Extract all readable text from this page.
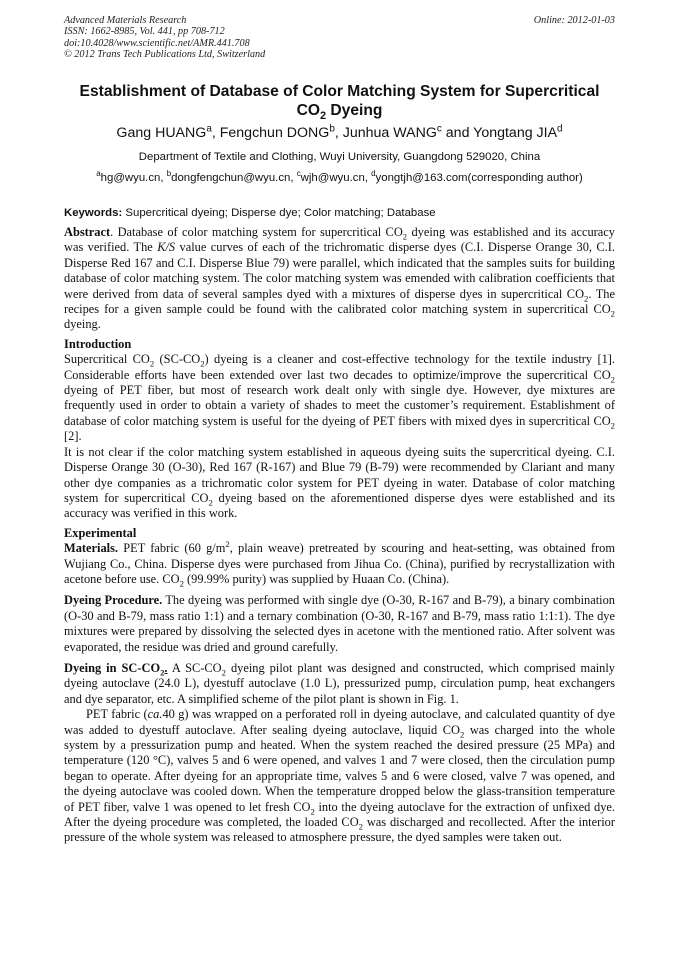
Advanced Materials Research
ISSN: 1662-8985, Vol. 441, pp 708-712
doi:10.4028/www.scientific.net/AMR.441.708
© 2012 Trans Tech Publications Ltd, Switzerland
Online: 2012-01-03
Establishment of Database of Color Matching System for Supercritical
$CO_2$ Dyeing
Gang HUANG$^a$, Fengchun DONG$^b$, Junhua WANG$^c$ and Yongtang JIA$^d$
Department of Textile and Clothing, Wuyi University, Guangdong 529020, China
$^a$hg@wyu.cn, $^b$dongfengchun@wyu.cn, $^c$wjh@wyu.cn, $^d$yongtjh@163.com(corresponding author)
Keywords: Supercritical dyeing; Disperse dye; Color matching; Database

Abstract. Database of color matching system for supercritical $CO_2$ dyeing was established and its accuracy was verified. The K/S value curves of each of the trichromatic disperse dyes (C.I. Disperse Orange 30, C.I. Disperse Red 167 and C.I. Disperse Blue 79) were parallel, which indicated that the samples suits for building database of color matching system. The color matching system was emended with calibration coefficients that were derived from data of several samples dyed with a mixtures of disperse dyes in supercritical $CO_2$. The recipes for a given sample could be found with the calibrated color matching system in supercritical $CO_2$ dyeing.

Introduction

Supercritical $CO_2$ $(SC-CO_2)$ dyeing is a cleaner and cost-effective technology for the textile industry [1]. Considerable efforts have been extended over last two decades to optimize/improve the supercritical $CO_2$ dyeing of PET fiber, but most of research work dealt only with single dye. However, dye mixtures are frequently used in order to obtain a variety of shades to meet the customer’s requirement. Establishment of database of color matching system is useful for the dyeing of PET fibers with mixed dyes in supercritical $CO_2$ [2].

It is not clear if the color matching system established in aqueous dyeing suits the supercritical dyeing. C.I. Disperse Orange 30 (O-30), Red 167 (R-167) and Blue 79 (B-79) were recommended by Clariant and many other dye companies as a trichromatic color system for PET dyeing in water. Database of color matching system for supercritical $CO_2$ dyeing based on the aforementioned disperse dyes were established and its accuracy was verified in this work.

Experimental

Materials. PET fabric (60 $g/m^2$, plain weave) pretreated by scouring and heat-setting, was obtained from Wujiang Co., China. Disperse dyes were purchased from Jihua Co. (China), purified by recrystallization with acetone before use. $CO_2$ (99.99% purity) was supplied by Huaan Co. (China).

Dyeing Procedure. The dyeing was performed with single dye (O-30, R-167 and B-79), a binary combination (O-30 and B-79, mass ratio 1:1) and a ternary combination (O-30, R-167 and B-79, mass ratio 1:1:1). The dye mixtures were prepared by dissolving the selected dyes in acetone with the mentioned ratio. After solvent was evaporated, the residue was dried and ground carefully.

Dyeing in $SC-CO_2$. A $SC-CO_2$ dyeing pilot plant was designed and constructed, which comprised mainly dyeing autoclave (24.0 L), dyestuff autoclave (1.0 L), pressurized pump, circulation pump, heat exchangers and dye separator, etc. A simplified scheme of the pilot plant is shown in Fig. 1.

PET fabric (ca.40 g) was wrapped on a perforated roll in dyeing autoclave, and calculated quantity of dye was added to dyestuff autoclave. After sealing dyeing autoclave, liquid $CO_2$ was charged into the whole system by a pressurization pump and heated. When the system reached the desired pressure (25 MPa) and temperature (120 °C), valves 5 and 6 were opened, and valves 1 and 7 were closed, then the circulation pump began to operate. After dyeing for an appropriate time, valves 5 and 6 were closed, valve 7 was opened, and the dyeing autoclave was cooled down. When the temperature dropped below the glass-transition temperature of PET fiber, valve 1 was opened to let fresh $CO_2$ into the dyeing autoclave for the extraction of unfixed dye. After the dyeing procedure was completed, the loaded $CO_2$ was discharged and recollected. After the interior pressure of the whole system was released to atmosphere pressure, the dyed samples were taken out.
